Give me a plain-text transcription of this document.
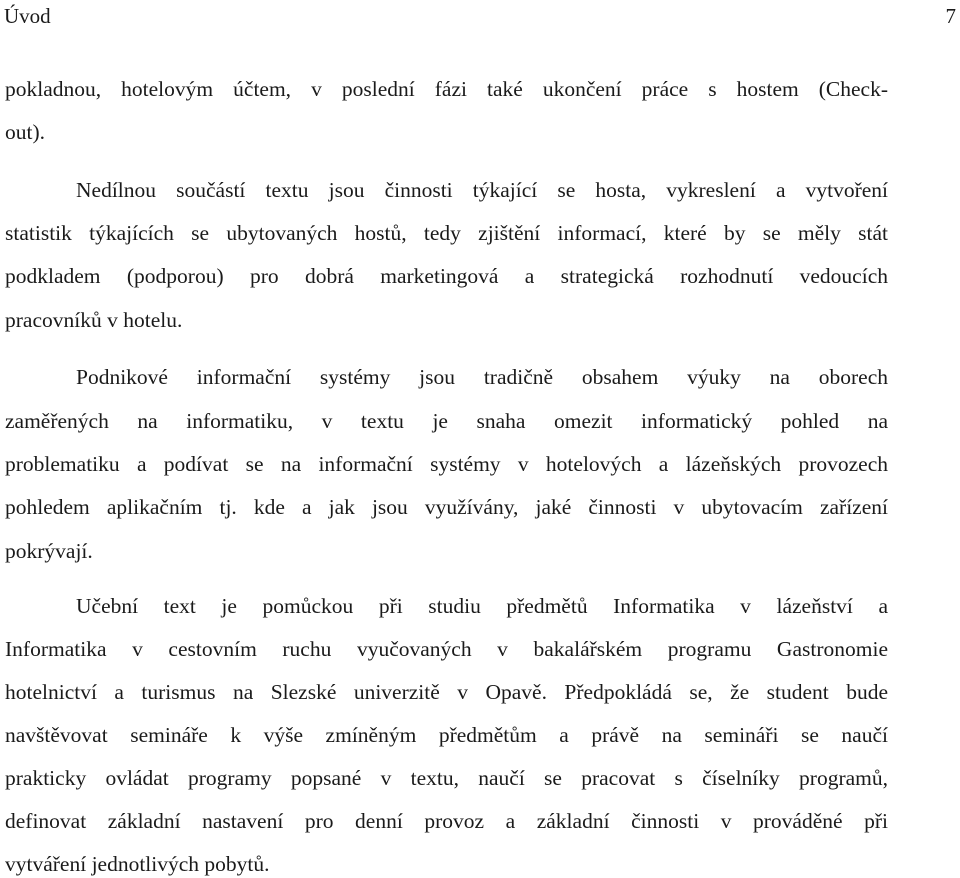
Úvod	7
pokladnou, hotelovým účtem, v poslední fázi také ukončení práce s hostem (Check-
out).
Nedílnou součástí textu jsou činnosti týkající se hosta, vykreslení a vytvoření
statistik týkajících se ubytovaných hostů, tedy zjištění informací, které by se měly stát
podkladem (podporou) pro dobrá marketingová a strategická rozhodnutí vedoucích
pracovníků v hotelu.
Podnikové informační systémy jsou tradičně obsahem výuky na oborech
zaměřených na informatiku, v textu je snaha omezit informatický pohled na
problematiku a podívat se na informační systémy v hotelových a lázeňských provozech
pohledem aplikačním tj. kde a jak jsou využívány, jaké činnosti v ubytovacím zařízení
pokrývají.
Učební text je pomůckou při studiu předmětů Informatika v lázeňství a
Informatika v cestovním ruchu vyučovaných v bakalářském programu Gastronomie
hotelnictví a turismus na Slezské univerzitě v Opavě. Předpokládá se, že student bude
navštěvovat semináře k výše zmíněným předmětům a právě na semináři se naučí
prakticky ovládat programy popsané v textu, naučí se pracovat s číselníky programů,
definovat základní nastavení pro denní provoz a základní činnosti v prováděné při
vytváření jednotlivých pobytů.
